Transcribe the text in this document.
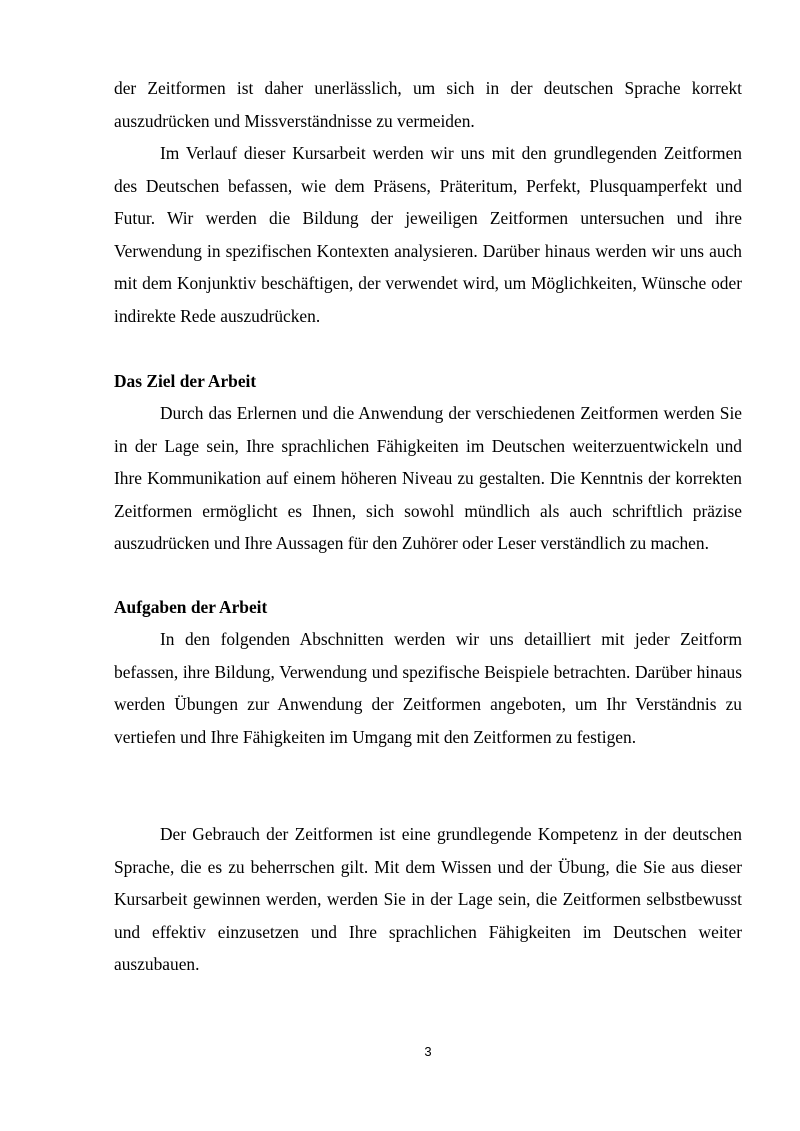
der Zeitformen ist daher unerlässlich, um sich in der deutschen Sprache korrekt auszudrücken und Missverständnisse zu vermeiden.

Im Verlauf dieser Kursarbeit werden wir uns mit den grundlegenden Zeitformen des Deutschen befassen, wie dem Präsens, Präteritum, Perfekt, Plusquamperfekt und Futur. Wir werden die Bildung der jeweiligen Zeitformen untersuchen und ihre Verwendung in spezifischen Kontexten analysieren. Darüber hinaus werden wir uns auch mit dem Konjunktiv beschäftigen, der verwendet wird, um Möglichkeiten, Wünsche oder indirekte Rede auszudrücken.

Das Ziel der Arbeit

Durch das Erlernen und die Anwendung der verschiedenen Zeitformen werden Sie in der Lage sein, Ihre sprachlichen Fähigkeiten im Deutschen weiterzuentwickeln und Ihre Kommunikation auf einem höheren Niveau zu gestalten. Die Kenntnis der korrekten Zeitformen ermöglicht es Ihnen, sich sowohl mündlich als auch schriftlich präzise auszudrücken und Ihre Aussagen für den Zuhörer oder Leser verständlich zu machen.

Aufgaben der Arbeit

In den folgenden Abschnitten werden wir uns detailliert mit jeder Zeitform befassen, ihre Bildung, Verwendung und spezifische Beispiele betrachten. Darüber hinaus werden Übungen zur Anwendung der Zeitformen angeboten, um Ihr Verständnis zu vertiefen und Ihre Fähigkeiten im Umgang mit den Zeitformen zu festigen.

Der Gebrauch der Zeitformen ist eine grundlegende Kompetenz in der deutschen Sprache, die es zu beherrschen gilt. Mit dem Wissen und der Übung, die Sie aus dieser Kursarbeit gewinnen werden, werden Sie in der Lage sein, die Zeitformen selbstbewusst und effektiv einzusetzen und Ihre sprachlichen Fähigkeiten im Deutschen weiter auszubauen.

3
